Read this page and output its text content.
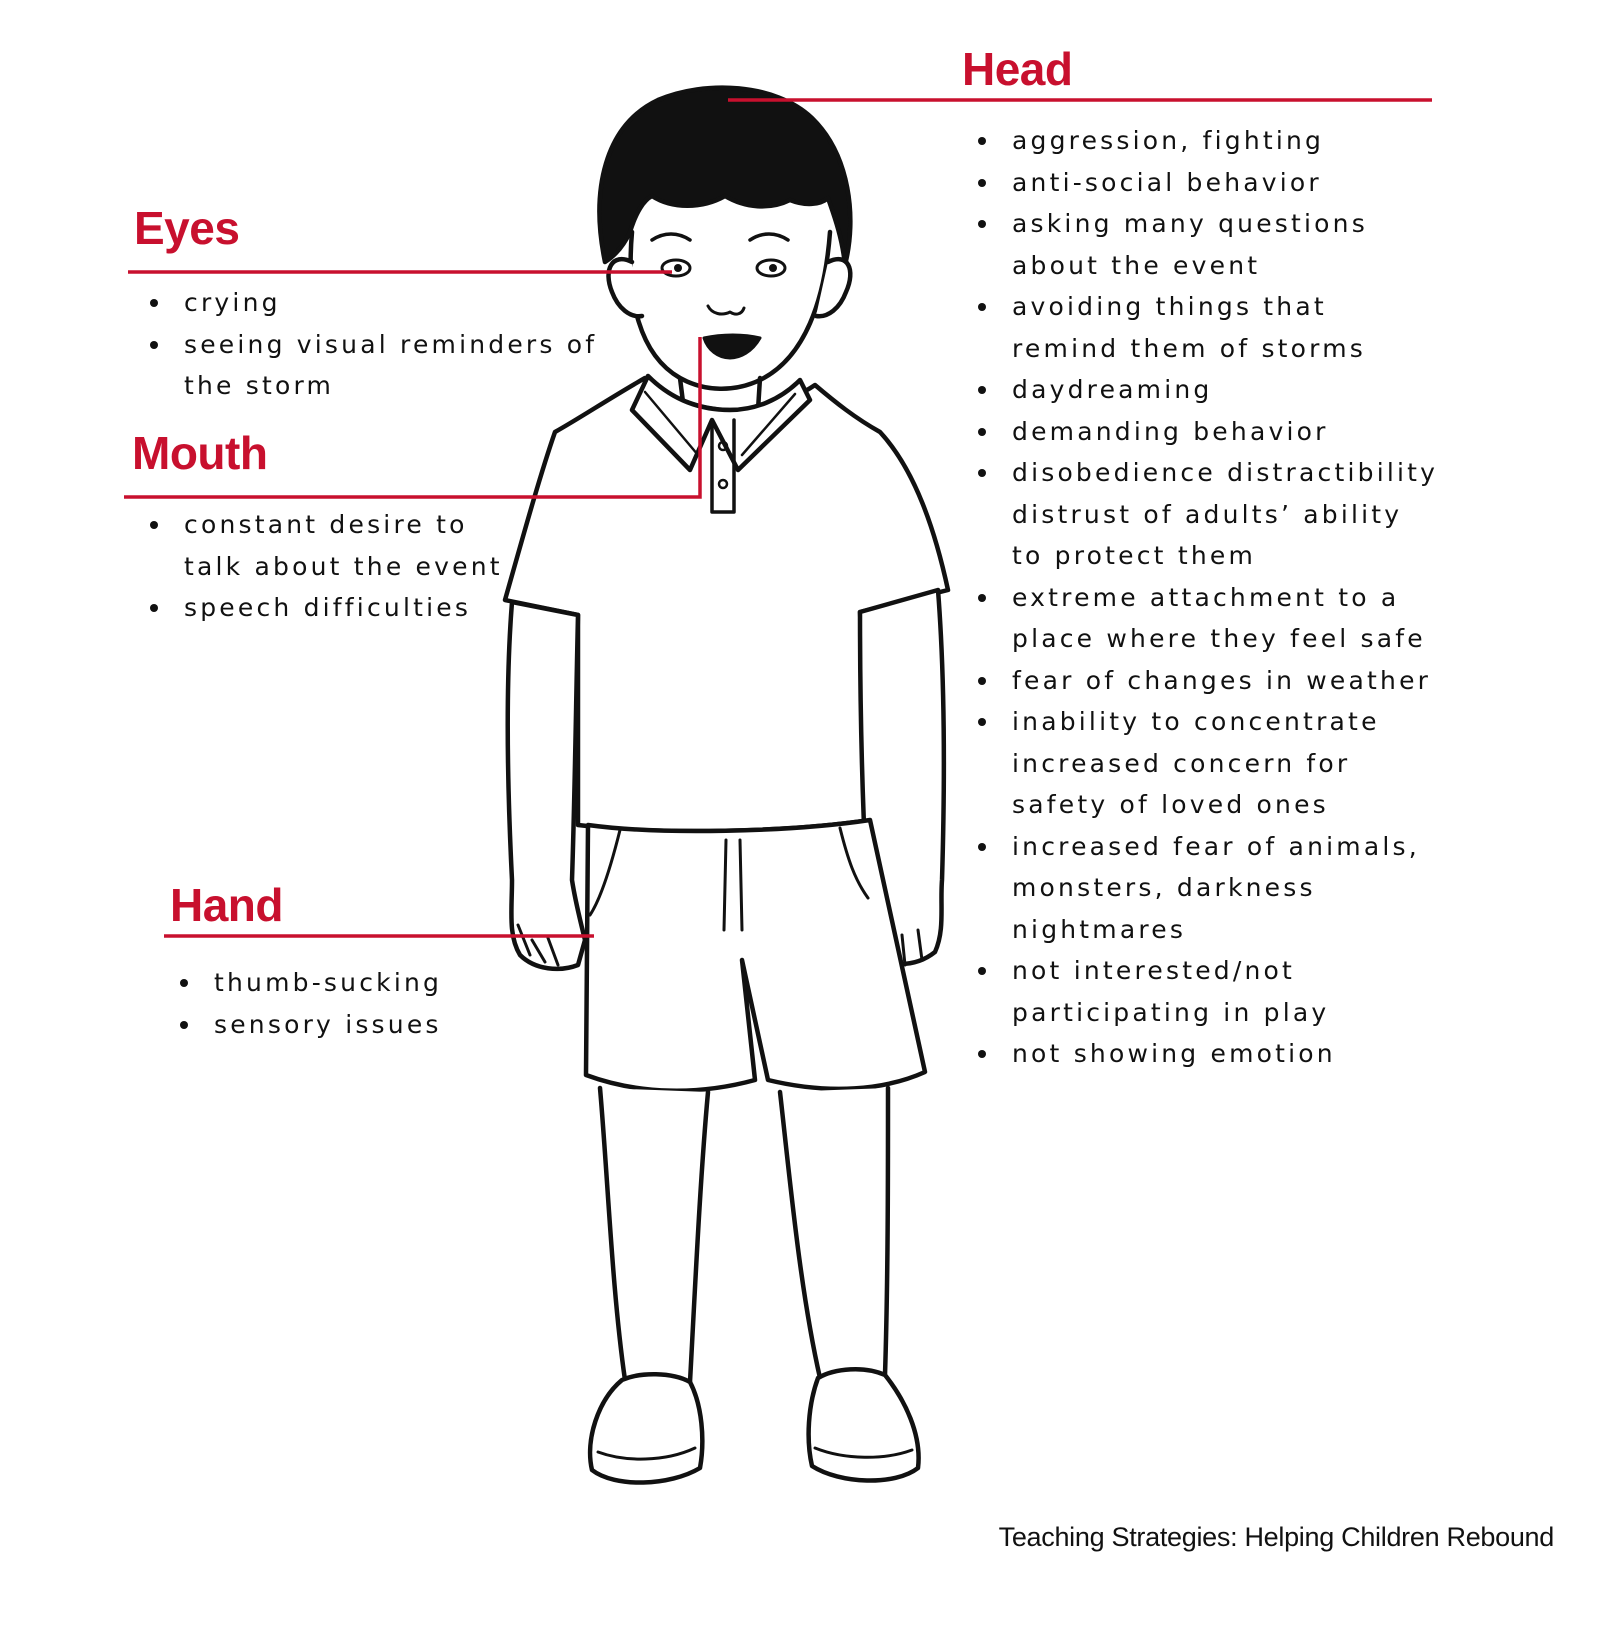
Head
aggression, fighting
anti-social behavior
asking many questions
about the event
avoiding things that
remind them of storms
daydreaming
demanding behavior
disobedience distractibility
distrust of adults’ ability
to protect them
extreme attachment to a
place where they feel safe
fear of changes in weather
inability to concentrate
increased concern for
safety of loved ones
increased fear of animals,
monsters, darkness
nightmares
not interested/not
participating in play
not showing emotion
Eyes
crying
seeing visual reminders of
the storm
Mouth
constant desire to
talk about the event
speech difficulties
Hand
thumb-sucking
sensory issues
Teaching Strategies: Helping Children Rebound
